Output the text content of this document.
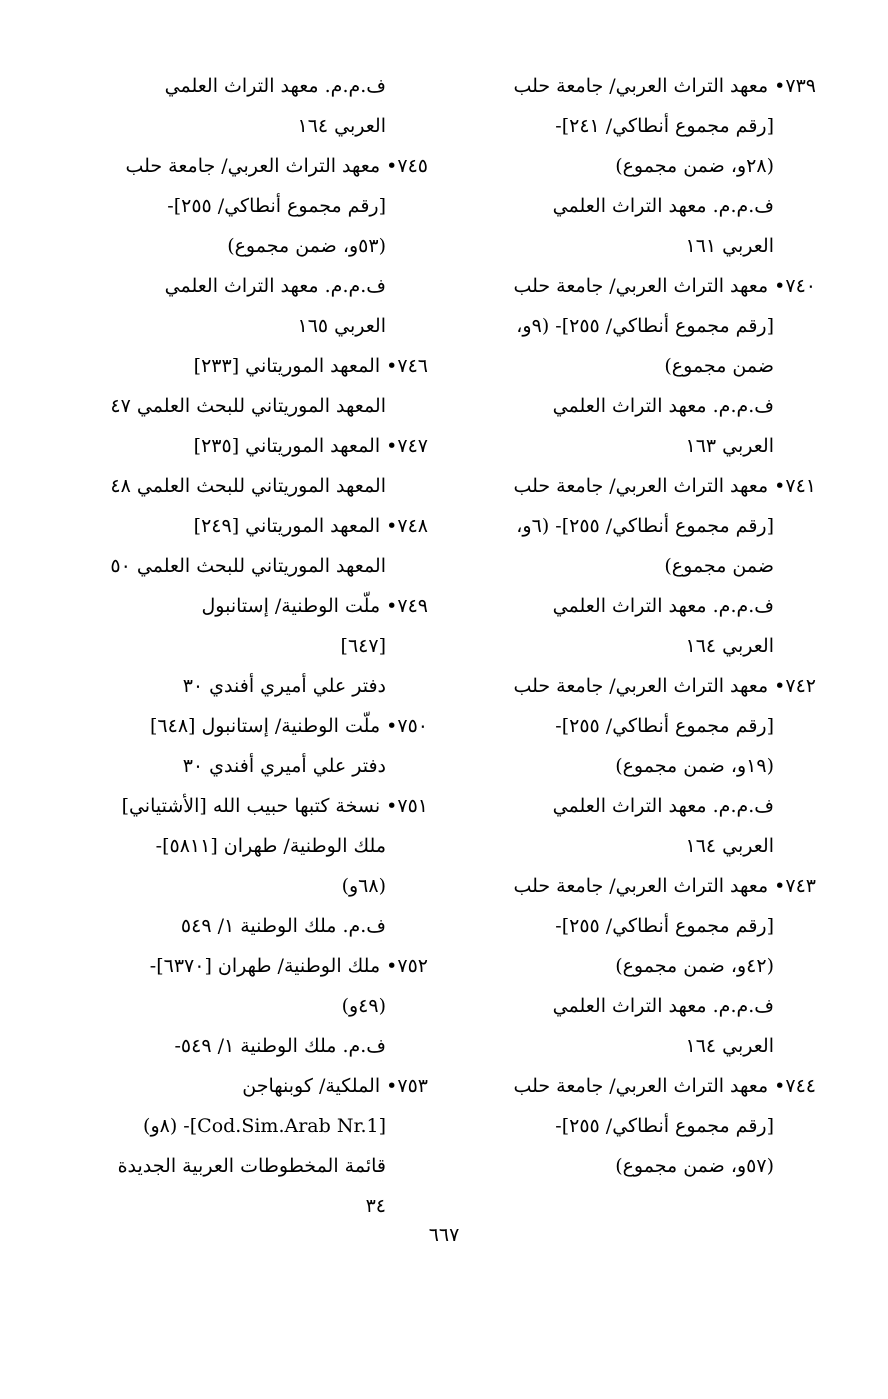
٧٣٩• معهد التراث العربي/ جامعة حلب
[رقم مجموع أنطاكي/ ٢٤١]-
(٢٨و، ضمن مجموع)
ف.م.م. معهد التراث العلمي
العربي ١٦١
٧٤٠• معهد التراث العربي/ جامعة حلب
[رقم مجموع أنطاكي/ ٢٥٥]- (٩و،
ضمن مجموع)
ف.م.م. معهد التراث العلمي
العربي ١٦٣
٧٤١• معهد التراث العربي/ جامعة حلب
[رقم مجموع أنطاكي/ ٢٥٥]- (٦و،
ضمن مجموع)
ف.م.م. معهد التراث العلمي
العربي ١٦٤
٧٤٢• معهد التراث العربي/ جامعة حلب
[رقم مجموع أنطاكي/ ٢٥٥]-
(١٩و، ضمن مجموع)
ف.م.م. معهد التراث العلمي
العربي ١٦٤
٧٤٣• معهد التراث العربي/ جامعة حلب
[رقم مجموع أنطاكي/ ٢٥٥]-
(٤٢و، ضمن مجموع)
ف.م.م. معهد التراث العلمي
العربي ١٦٤
٧٤٤• معهد التراث العربي/ جامعة حلب
[رقم مجموع أنطاكي/ ٢٥٥]-
(٥٧و، ضمن مجموع)
ف.م.م. معهد التراث العلمي
العربي ١٦٤
٧٤٥• معهد التراث العربي/ جامعة حلب
[رقم مجموع أنطاكي/ ٢٥٥]-
(٥٣و، ضمن مجموع)
ف.م.م. معهد التراث العلمي
العربي ١٦٥
٧٤٦• المعهد الموريتاني [٢٣٣]
المعهد الموريتاني للبحث العلمي ٤٧
٧٤٧• المعهد الموريتاني [٢٣٥]
المعهد الموريتاني للبحث العلمي ٤٨
٧٤٨• المعهد الموريتاني [٢٤٩]
المعهد الموريتاني للبحث العلمي ٥٠
٧٤٩• ملّت الوطنية/ إستانبول
[٦٤٧]
دفتر علي أميري أفندي ٣٠
٧٥٠• ملّت الوطنية/ إستانبول [٦٤٨]
دفتر علي أميري أفندي ٣٠
٧٥١• نسخة كتبها حبيب الله [الأشتياني]
ملك الوطنية/ طهران [٥٨١١]-
(٦٨و)
ف.م. ملك الوطنية ١/ ٥٤٩
٧٥٢• ملك الوطنية/ طهران [٦٣٧٠]-
(٤٩و)
ف.م. ملك الوطنية ١/ ٥٤٩-
٧٥٣• الملكية/ كوبنهاجن
[Cod.Sim.Arab Nr.1]- (٨و)
قائمة المخطوطات العربية الجديدة
٣٤
٦٦٧
